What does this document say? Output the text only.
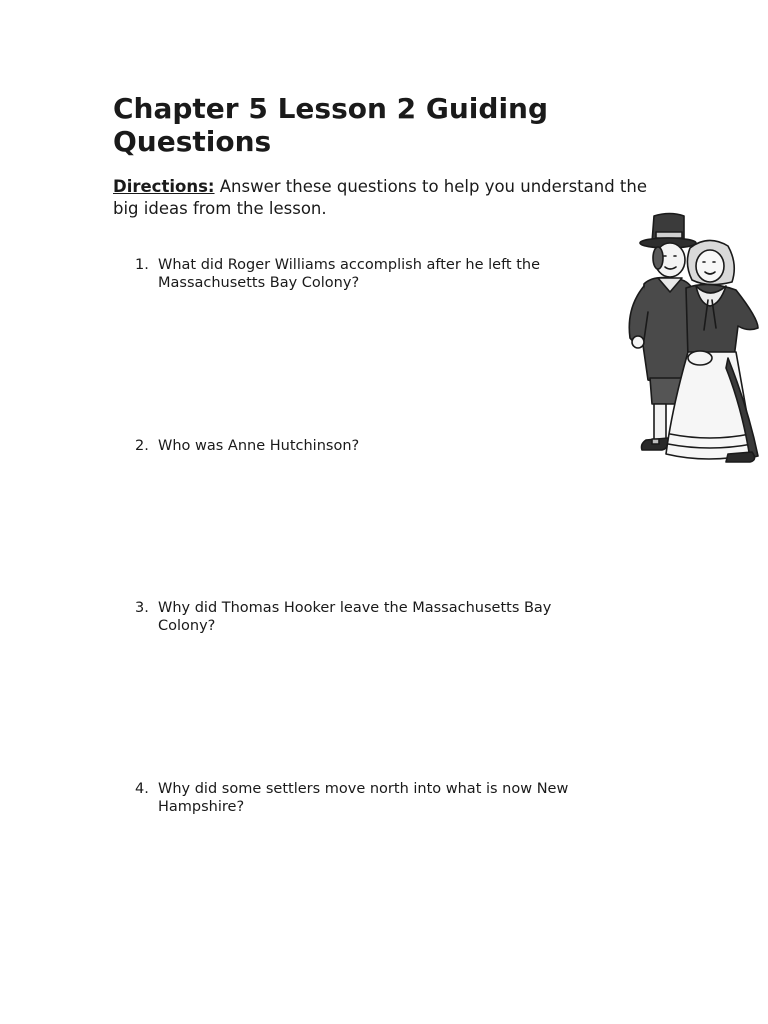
Chapter 5 Lesson 2 Guiding Questions

Directions: Answer these questions to help you understand the big ideas from the lesson.

1. What did Roger Williams accomplish after he left the Massachusetts Bay Colony?
2. Who was Anne Hutchinson?
3. Why did Thomas Hooker leave the Massachusetts Bay Colony?
4. Why did some settlers move north into what is now New Hampshire?
